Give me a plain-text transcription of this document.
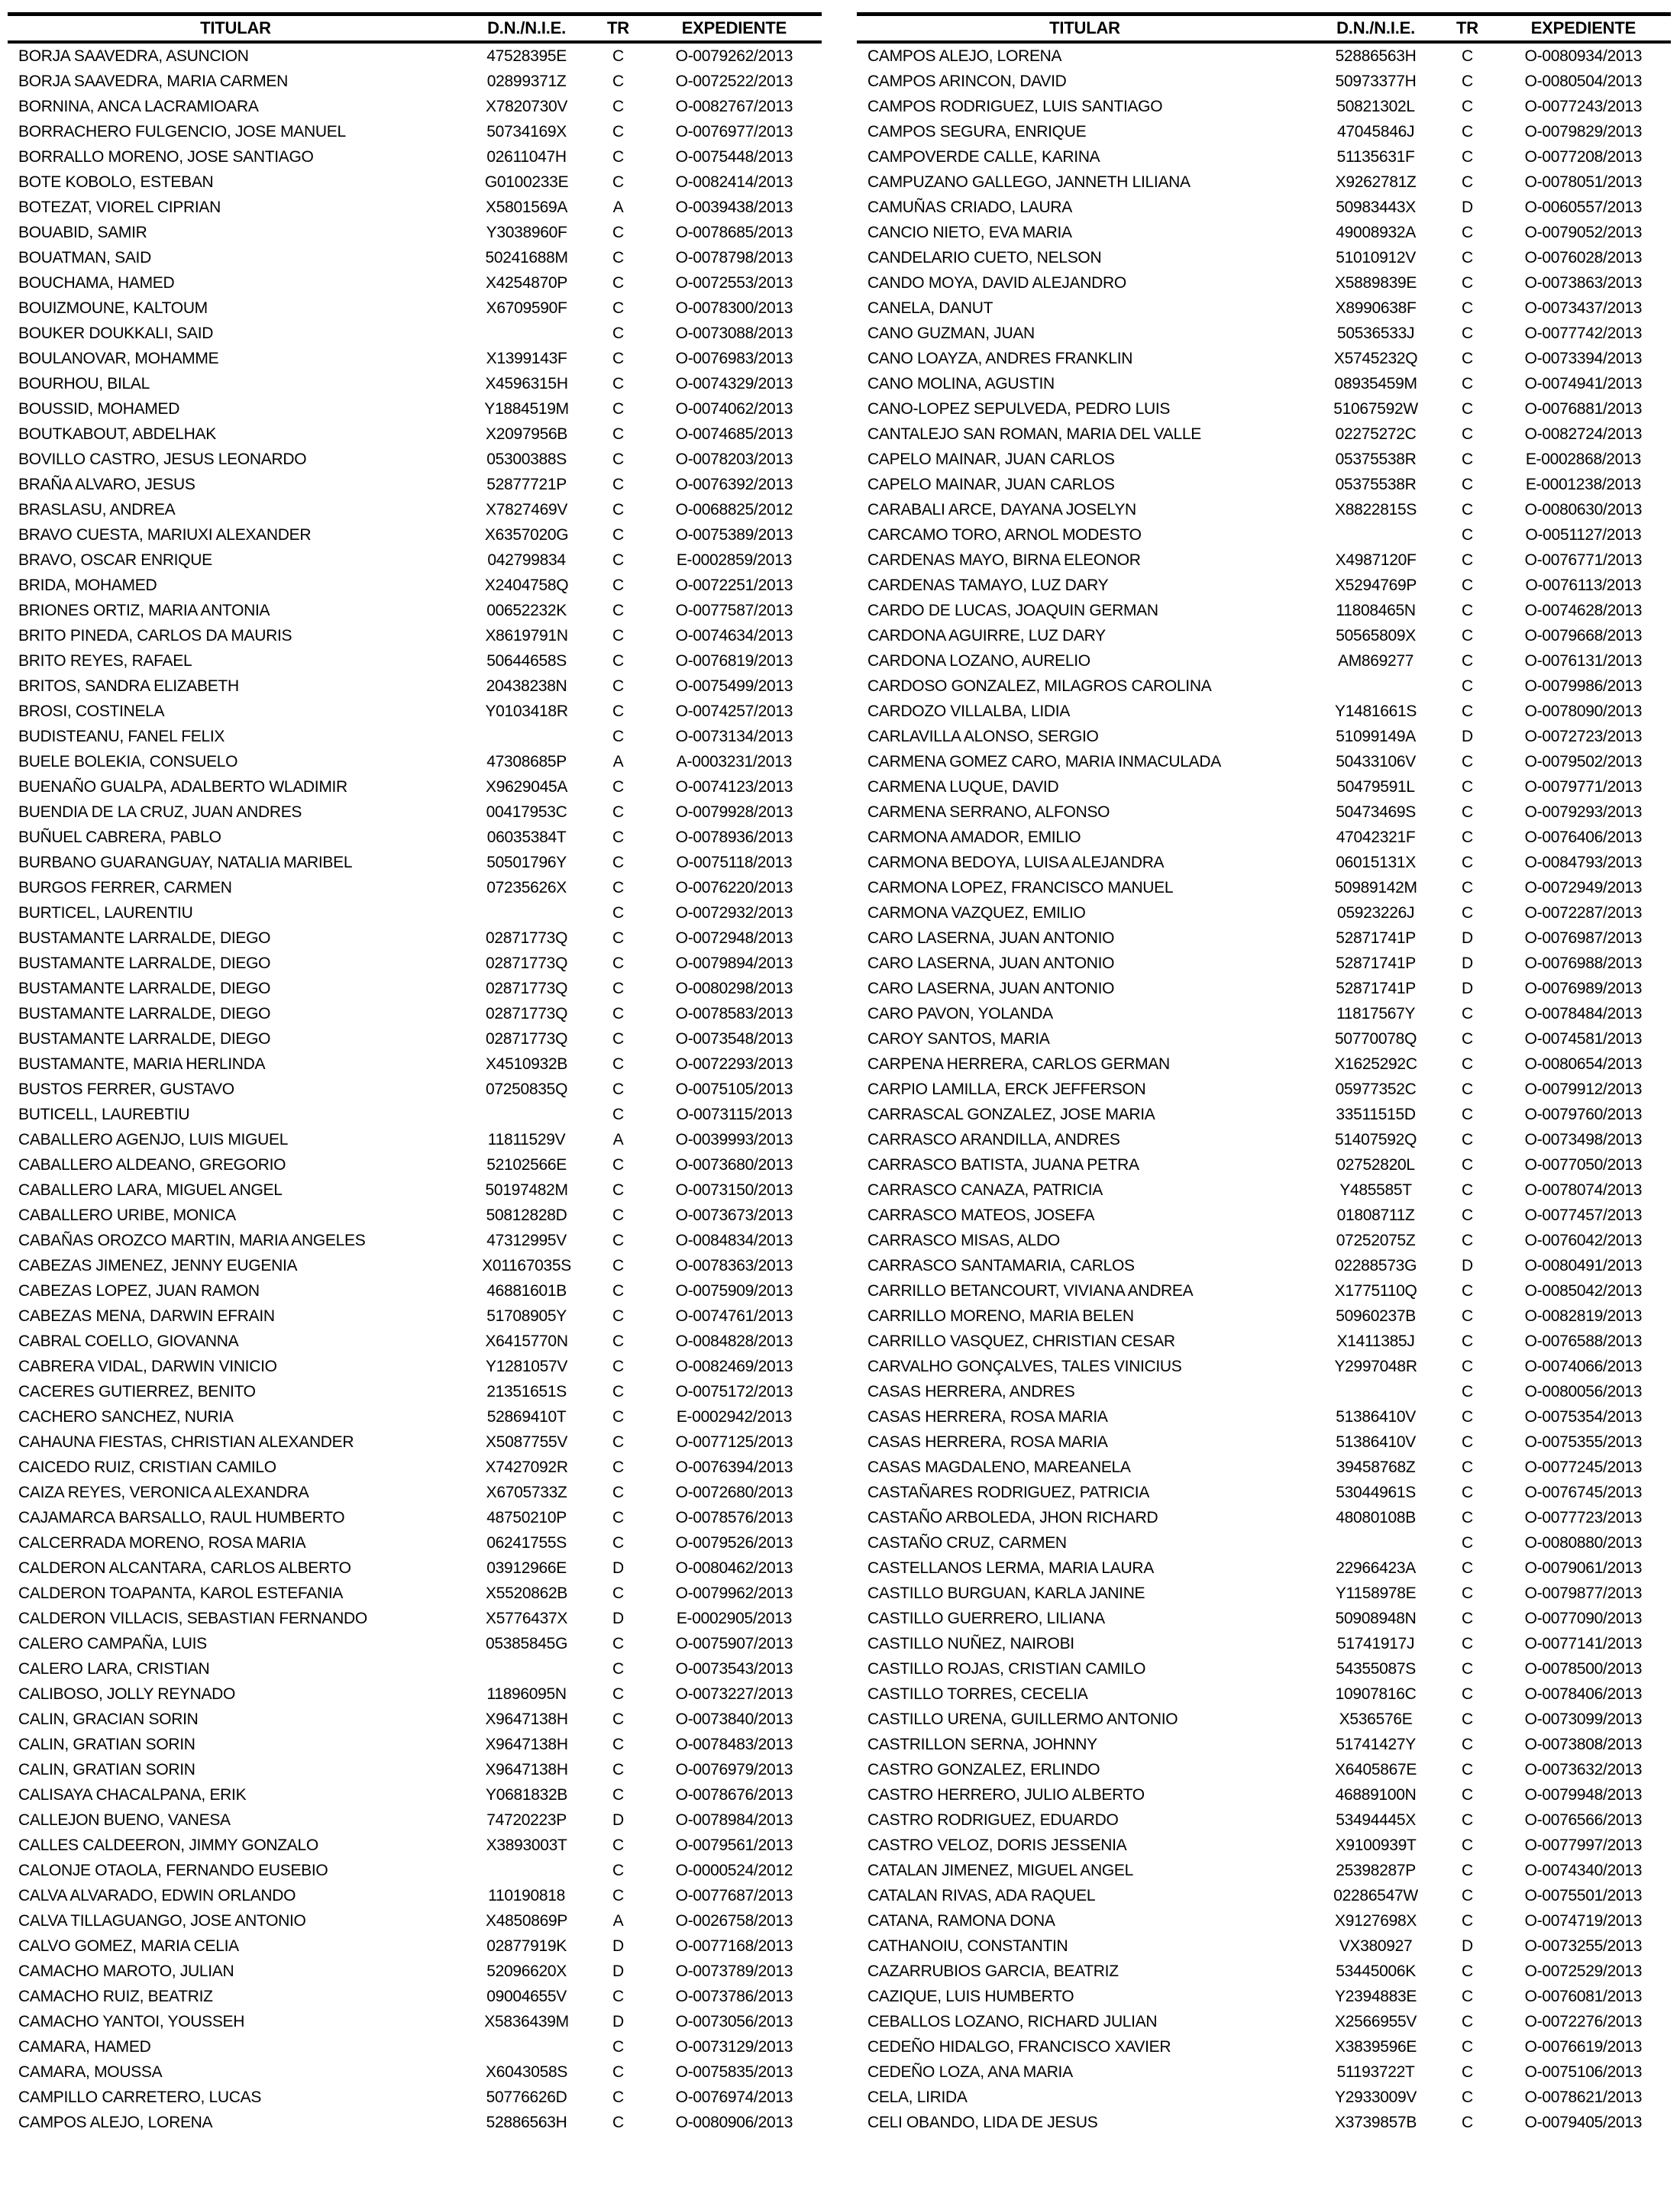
TITULAR	D.N./N.I.E.	TR	EXPEDIENTE
BORJA SAAVEDRA, ASUNCION	47528395E	C	O-0079262/2013
BORJA SAAVEDRA, MARIA CARMEN	02899371Z	C	O-0072522/2013
BORNINA, ANCA LACRAMIOARA	X7820730V	C	O-0082767/2013
BORRACHERO FULGENCIO, JOSE MANUEL	50734169X	C	O-0076977/2013
BORRALLO MORENO, JOSE SANTIAGO	02611047H	C	O-0075448/2013
BOTE KOBOLO, ESTEBAN	G0100233E	C	O-0082414/2013
BOTEZAT, VIOREL CIPRIAN	X5801569A	A	O-0039438/2013
BOUABID, SAMIR	Y3038960F	C	O-0078685/2013
BOUATMAN, SAID	50241688M	C	O-0078798/2013
BOUCHAMA, HAMED	X4254870P	C	O-0072553/2013
BOUIZMOUNE, KALTOUM	X6709590F	C	O-0078300/2013
BOUKER DOUKKALI, SAID		C	O-0073088/2013
BOULANOVAR, MOHAMME	X1399143F	C	O-0076983/2013
BOURHOU, BILAL	X4596315H	C	O-0074329/2013
BOUSSID, MOHAMED	Y1884519M	C	O-0074062/2013
BOUTKABOUT, ABDELHAK	X2097956B	C	O-0074685/2013
BOVILLO CASTRO, JESUS LEONARDO	05300388S	C	O-0078203/2013
BRAÑA ALVARO, JESUS	52877721P	C	O-0076392/2013
BRASLASU, ANDREA	X7827469V	C	O-0068825/2012
BRAVO CUESTA, MARIUXI ALEXANDER	X6357020G	C	O-0075389/2013
BRAVO, OSCAR ENRIQUE	042799834	C	E-0002859/2013
BRIDA, MOHAMED	X2404758Q	C	O-0072251/2013
BRIONES ORTIZ, MARIA ANTONIA	00652232K	C	O-0077587/2013
BRITO PINEDA, CARLOS DA MAURIS	X8619791N	C	O-0074634/2013
BRITO REYES, RAFAEL	50644658S	C	O-0076819/2013
BRITOS, SANDRA ELIZABETH	20438238N	C	O-0075499/2013
BROSI, COSTINELA	Y0103418R	C	O-0074257/2013
BUDISTEANU, FANEL FELIX		C	O-0073134/2013
BUELE BOLEKIA, CONSUELO	47308685P	A	A-0003231/2013
BUENAÑO GUALPA, ADALBERTO WLADIMIR	X9629045A	C	O-0074123/2013
BUENDIA DE LA CRUZ, JUAN ANDRES	00417953C	C	O-0079928/2013
BUÑUEL CABRERA, PABLO	06035384T	C	O-0078936/2013
BURBANO GUARANGUAY, NATALIA MARIBEL	50501796Y	C	O-0075118/2013
BURGOS FERRER, CARMEN	07235626X	C	O-0076220/2013
BURTICEL, LAURENTIU		C	O-0072932/2013
BUSTAMANTE LARRALDE, DIEGO	02871773Q	C	O-0072948/2013
BUSTAMANTE LARRALDE, DIEGO	02871773Q	C	O-0079894/2013
BUSTAMANTE LARRALDE, DIEGO	02871773Q	C	O-0080298/2013
BUSTAMANTE LARRALDE, DIEGO	02871773Q	C	O-0078583/2013
BUSTAMANTE LARRALDE, DIEGO	02871773Q	C	O-0073548/2013
BUSTAMANTE, MARIA HERLINDA	X4510932B	C	O-0072293/2013
BUSTOS FERRER, GUSTAVO	07250835Q	C	O-0075105/2013
BUTICELL, LAUREBTIU		C	O-0073115/2013
CABALLERO AGENJO, LUIS MIGUEL	11811529V	A	O-0039993/2013
CABALLERO ALDEANO, GREGORIO	52102566E	C	O-0073680/2013
CABALLERO LARA, MIGUEL ANGEL	50197482M	C	O-0073150/2013
CABALLERO URIBE, MONICA	50812828D	C	O-0073673/2013
CABAÑAS OROZCO MARTIN, MARIA ANGELES	47312995V	C	O-0084834/2013
CABEZAS JIMENEZ, JENNY EUGENIA	X01167035S	C	O-0078363/2013
CABEZAS LOPEZ, JUAN RAMON	46881601B	C	O-0075909/2013
CABEZAS MENA, DARWIN EFRAIN	51708905Y	C	O-0074761/2013
CABRAL COELLO, GIOVANNA	X6415770N	C	O-0084828/2013
CABRERA VIDAL, DARWIN VINICIO	Y1281057V	C	O-0082469/2013
CACERES GUTIERREZ, BENITO	21351651S	C	O-0075172/2013
CACHERO SANCHEZ, NURIA	52869410T	C	E-0002942/2013
CAHAUNA FIESTAS, CHRISTIAN ALEXANDER	X5087755V	C	O-0077125/2013
CAICEDO RUIZ, CRISTIAN CAMILO	X7427092R	C	O-0076394/2013
CAIZA REYES, VERONICA ALEXANDRA	X6705733Z	C	O-0072680/2013
CAJAMARCA BARSALLO, RAUL HUMBERTO	48750210P	C	O-0078576/2013
CALCERRADA MORENO, ROSA MARIA	06241755S	C	O-0079526/2013
CALDERON ALCANTARA, CARLOS ALBERTO	03912966E	D	O-0080462/2013
CALDERON TOAPANTA, KAROL ESTEFANIA	X5520862B	C	O-0079962/2013
CALDERON VILLACIS, SEBASTIAN FERNANDO	X5776437X	D	E-0002905/2013
CALERO CAMPAÑA, LUIS	05385845G	C	O-0075907/2013
CALERO LARA, CRISTIAN		C	O-0073543/2013
CALIBOSO, JOLLY REYNADO	11896095N	C	O-0073227/2013
CALIN, GRACIAN SORIN	X9647138H	C	O-0073840/2013
CALIN, GRATIAN SORIN	X9647138H	C	O-0078483/2013
CALIN, GRATIAN SORIN	X9647138H	C	O-0076979/2013
CALISAYA CHACALPANA, ERIK	Y0681832B	C	O-0078676/2013
CALLEJON BUENO, VANESA	74720223P	D	O-0078984/2013
CALLES CALDEERON, JIMMY GONZALO	X3893003T	C	O-0079561/2013
CALONJE OTAOLA, FERNANDO EUSEBIO		C	O-0000524/2012
CALVA ALVARADO, EDWIN ORLANDO	110190818	C	O-0077687/2013
CALVA TILLAGUANGO, JOSE ANTONIO	X4850869P	A	O-0026758/2013
CALVO GOMEZ, MARIA CELIA	02877919K	D	O-0077168/2013
CAMACHO MAROTO, JULIAN	52096620X	D	O-0073789/2013
CAMACHO RUIZ, BEATRIZ	09004655V	C	O-0073786/2013
CAMACHO YANTOI, YOUSSEH	X5836439M	D	O-0073056/2013
CAMARA, HAMED		C	O-0073129/2013
CAMARA, MOUSSA	X6043058S	C	O-0075835/2013
CAMPILLO CARRETERO, LUCAS	50776626D	C	O-0076974/2013
CAMPOS ALEJO, LORENA	52886563H	C	O-0080906/2013
TITULAR	D.N./N.I.E.	TR	EXPEDIENTE
CAMPOS ALEJO, LORENA	52886563H	C	O-0080934/2013
CAMPOS ARINCON, DAVID	50973377H	C	O-0080504/2013
CAMPOS RODRIGUEZ, LUIS SANTIAGO	50821302L	C	O-0077243/2013
CAMPOS SEGURA, ENRIQUE	47045846J	C	O-0079829/2013
CAMPOVERDE CALLE, KARINA	51135631F	C	O-0077208/2013
CAMPUZANO GALLEGO, JANNETH LILIANA	X9262781Z	C	O-0078051/2013
CAMUÑAS CRIADO, LAURA	50983443X	D	O-0060557/2013
CANCIO NIETO, EVA MARIA	49008932A	C	O-0079052/2013
CANDELARIO CUETO, NELSON	51010912V	C	O-0076028/2013
CANDO MOYA, DAVID ALEJANDRO	X5889839E	C	O-0073863/2013
CANELA, DANUT	X8990638F	C	O-0073437/2013
CANO GUZMAN, JUAN	50536533J	C	O-0077742/2013
CANO LOAYZA, ANDRES FRANKLIN	X5745232Q	C	O-0073394/2013
CANO MOLINA, AGUSTIN	08935459M	C	O-0074941/2013
CANO-LOPEZ SEPULVEDA, PEDRO LUIS	51067592W	C	O-0076881/2013
CANTALEJO SAN ROMAN, MARIA DEL VALLE	02275272C	C	O-0082724/2013
CAPELO MAINAR, JUAN CARLOS	05375538R	C	E-0002868/2013
CAPELO MAINAR, JUAN CARLOS	05375538R	C	E-0001238/2013
CARABALI ARCE, DAYANA JOSELYN	X8822815S	C	O-0080630/2013
CARCAMO TORO, ARNOL MODESTO		C	O-0051127/2013
CARDENAS MAYO, BIRNA ELEONOR	X4987120F	C	O-0076771/2013
CARDENAS TAMAYO, LUZ DARY	X5294769P	C	O-0076113/2013
CARDO DE LUCAS, JOAQUIN GERMAN	11808465N	C	O-0074628/2013
CARDONA AGUIRRE, LUZ DARY	50565809X	C	O-0079668/2013
CARDONA LOZANO, AURELIO	AM869277	C	O-0076131/2013
CARDOSO GONZALEZ, MILAGROS CAROLINA		C	O-0079986/2013
CARDOZO VILLALBA, LIDIA	Y1481661S	C	O-0078090/2013
CARLAVILLA ALONSO, SERGIO	51099149A	D	O-0072723/2013
CARMENA GOMEZ CARO, MARIA INMACULADA	50433106V	C	O-0079502/2013
CARMENA LUQUE, DAVID	50479591L	C	O-0079771/2013
CARMENA SERRANO, ALFONSO	50473469S	C	O-0079293/2013
CARMONA AMADOR, EMILIO	47042321F	C	O-0076406/2013
CARMONA BEDOYA, LUISA ALEJANDRA	06015131X	C	O-0084793/2013
CARMONA LOPEZ, FRANCISCO MANUEL	50989142M	C	O-0072949/2013
CARMONA VAZQUEZ, EMILIO	05923226J	C	O-0072287/2013
CARO LASERNA, JUAN ANTONIO	52871741P	D	O-0076987/2013
CARO LASERNA, JUAN ANTONIO	52871741P	D	O-0076988/2013
CARO LASERNA, JUAN ANTONIO	52871741P	D	O-0076989/2013
CARO PAVON, YOLANDA	11817567Y	C	O-0078484/2013
CAROY SANTOS, MARIA	50770078Q	C	O-0074581/2013
CARPENA HERRERA, CARLOS GERMAN	X1625292C	C	O-0080654/2013
CARPIO LAMILLA, ERCK JEFFERSON	05977352C	C	O-0079912/2013
CARRASCAL GONZALEZ, JOSE MARIA	33511515D	C	O-0079760/2013
CARRASCO ARANDILLA, ANDRES	51407592Q	C	O-0073498/2013
CARRASCO BATISTA, JUANA PETRA	02752820L	C	O-0077050/2013
CARRASCO CANAZA, PATRICIA	Y485585T	C	O-0078074/2013
CARRASCO MATEOS, JOSEFA	01808711Z	C	O-0077457/2013
CARRASCO MISAS, ALDO	07252075Z	C	O-0076042/2013
CARRASCO SANTAMARIA, CARLOS	02288573G	D	O-0080491/2013
CARRILLO BETANCOURT, VIVIANA ANDREA	X1775110Q	C	O-0085042/2013
CARRILLO MORENO, MARIA BELEN	50960237B	C	O-0082819/2013
CARRILLO VASQUEZ, CHRISTIAN CESAR	X1411385J	C	O-0076588/2013
CARVALHO GONÇALVES, TALES VINICIUS	Y2997048R	C	O-0074066/2013
CASAS HERRERA, ANDRES		C	O-0080056/2013
CASAS HERRERA, ROSA MARIA	51386410V	C	O-0075354/2013
CASAS HERRERA, ROSA MARIA	51386410V	C	O-0075355/2013
CASAS MAGDALENO, MAREANELA	39458768Z	C	O-0077245/2013
CASTAÑARES RODRIGUEZ, PATRICIA	53044961S	C	O-0076745/2013
CASTAÑO ARBOLEDA, JHON RICHARD	48080108B	C	O-0077723/2013
CASTAÑO CRUZ, CARMEN		C	O-0080880/2013
CASTELLANOS LERMA, MARIA LAURA	22966423A	C	O-0079061/2013
CASTILLO BURGUAN, KARLA JANINE	Y1158978E	C	O-0079877/2013
CASTILLO GUERRERO, LILIANA	50908948N	C	O-0077090/2013
CASTILLO NUÑEZ, NAIROBI	51741917J	C	O-0077141/2013
CASTILLO ROJAS, CRISTIAN CAMILO	54355087S	C	O-0078500/2013
CASTILLO TORRES, CECELIA	10907816C	C	O-0078406/2013
CASTILLO URENA, GUILLERMO ANTONIO	X536576E	C	O-0073099/2013
CASTRILLON SERNA, JOHNNY	51741427Y	C	O-0073808/2013
CASTRO GONZALEZ, ERLINDO	X6405867E	C	O-0073632/2013
CASTRO HERRERO, JULIO ALBERTO	46889100N	C	O-0079948/2013
CASTRO RODRIGUEZ, EDUARDO	53494445X	C	O-0076566/2013
CASTRO VELOZ, DORIS JESSENIA	X9100939T	C	O-0077997/2013
CATALAN JIMENEZ, MIGUEL ANGEL	25398287P	C	O-0074340/2013
CATALAN RIVAS, ADA RAQUEL	02286547W	C	O-0075501/2013
CATANA, RAMONA DONA	X9127698X	C	O-0074719/2013
CATHANOIU, CONSTANTIN	VX380927	D	O-0073255/2013
CAZARRUBIOS GARCIA, BEATRIZ	53445006K	C	O-0072529/2013
CAZIQUE, LUIS HUMBERTO	Y2394883E	C	O-0076081/2013
CEBALLOS LOZANO, RICHARD JULIAN	X2566955V	C	O-0072276/2013
CEDEÑO HIDALGO, FRANCISCO XAVIER	X3839596E	C	O-0076619/2013
CEDEÑO LOZA, ANA MARIA	51193722T	C	O-0075106/2013
CELA, LIRIDA	Y2933009V	C	O-0078621/2013
CELI OBANDO, LIDA DE JESUS	X3739857B	C	O-0079405/2013
